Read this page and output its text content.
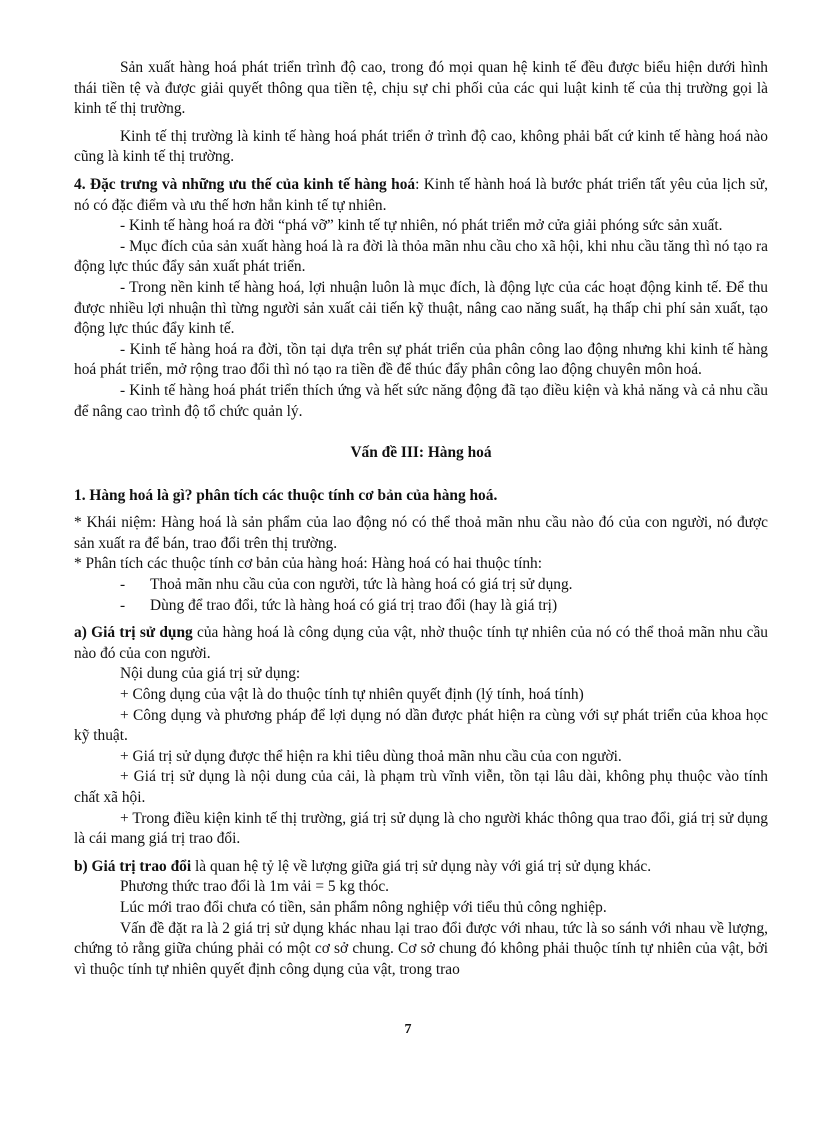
Sản xuất hàng hoá phát triển trình độ cao, trong đó mọi quan hệ kinh tế đều được biểu hiện dưới hình thái tiền tệ và được giải quyết thông qua tiền tệ, chịu sự chi phối của các qui luật kinh tế của thị trường gọi là kinh tế thị trường.

Kinh tế thị trường là kinh tế hàng hoá phát triển ở trình độ cao, không phải bất cứ kinh tế hàng hoá nào cũng là kinh tế thị trường.

4. Đặc trưng và những ưu thế của kinh tế hàng hoá: Kinh tế hành hoá là bước phát triển tất yêu của lịch sử, nó có đặc điểm và ưu thế hơn hẳn kinh tế tự nhiên.

- Kinh tế hàng hoá ra đời “phá vỡ” kinh tế tự nhiên, nó phát triển mở cửa giải phóng sức sản xuất.

- Mục đích của sản xuất hàng hoá là ra đời là thỏa mãn nhu cầu cho xã hội, khi nhu cầu tăng thì nó tạo ra động lực thúc đẩy sản xuất phát triển.

- Trong nền kinh tế hàng hoá, lợi nhuận luôn là mục đích, là động lực của các hoạt động kinh tế. Để thu được nhiều lợi nhuận thì từng người sản xuất cải tiến kỹ thuật, nâng cao năng suất, hạ thấp chi phí sản xuất, tạo động lực thúc đẩy kinh tế.

- Kinh tế hàng hoá ra đời, tồn tại dựa trên sự phát triển của phân công lao động nhưng khi kinh tế hàng hoá phát triển, mở rộng trao đổi thì nó tạo ra tiền đề để thúc đẩy phân công lao động chuyên môn hoá.

- Kinh tế hàng hoá phát triển thích ứng và hết sức năng động đã tạo điều kiện và khả năng và cả nhu cầu để nâng cao trình độ tổ chức quản lý.

Vấn đề III: Hàng hoá

1. Hàng hoá là gì? phân tích các thuộc tính cơ bản của hàng hoá.

* Khái niệm: Hàng hoá là sản phẩm của lao động nó có thể thoả mãn nhu cầu nào đó của con người, nó được sản xuất ra để bán, trao đổi trên thị trường.

* Phân tích các thuộc tính cơ bản của hàng hoá: Hàng hoá có hai thuộc tính:

-	Thoả mãn nhu cầu của con người, tức là hàng hoá có giá trị sử dụng.
-	Dùng để trao đổi, tức là hàng hoá có giá trị trao đổi (hay là giá trị)

a) Giá trị sử dụng của hàng hoá là công dụng của vật, nhờ thuộc tính tự nhiên của nó có thể thoả mãn nhu cầu nào đó của con người.

Nội dung của giá trị sử dụng:

+ Công dụng của vật là do thuộc tính tự nhiên quyết định (lý tính, hoá tính)

+ Công dụng và phương pháp để lợi dụng nó dần được phát hiện ra cùng với sự phát triển của khoa học kỹ thuật.

+ Giá trị sử dụng được thể hiện ra khi tiêu dùng thoả mãn nhu cầu của con người.

+ Giá trị sử dụng là nội dung của cải, là phạm trù vĩnh viễn, tồn tại lâu dài, không phụ thuộc vào tính chất xã hội.

+ Trong điều kiện kinh tế thị trường, giá trị sử dụng là cho người khác thông qua trao đổi, giá trị sử dụng là cái mang giá trị trao đổi.

b) Giá trị trao đổi là quan hệ tỷ lệ về lượng giữa giá trị sử dụng này với giá trị sử dụng khác.

Phương thức trao đổi là 1m vải = 5 kg thóc.

Lúc mới trao đổi chưa có tiền, sản phẩm nông nghiệp với tiểu thủ công nghiệp.

Vấn đề đặt ra là 2 giá trị sử dụng khác nhau lại trao đổi được với nhau, tức là so sánh với nhau về lượng, chứng tỏ rằng giữa chúng phải có một cơ sở chung. Cơ sở chung đó không phải thuộc tính tự nhiên của vật, bởi vì thuộc tính tự nhiên quyết định công dụng của vật, trong trao

7
